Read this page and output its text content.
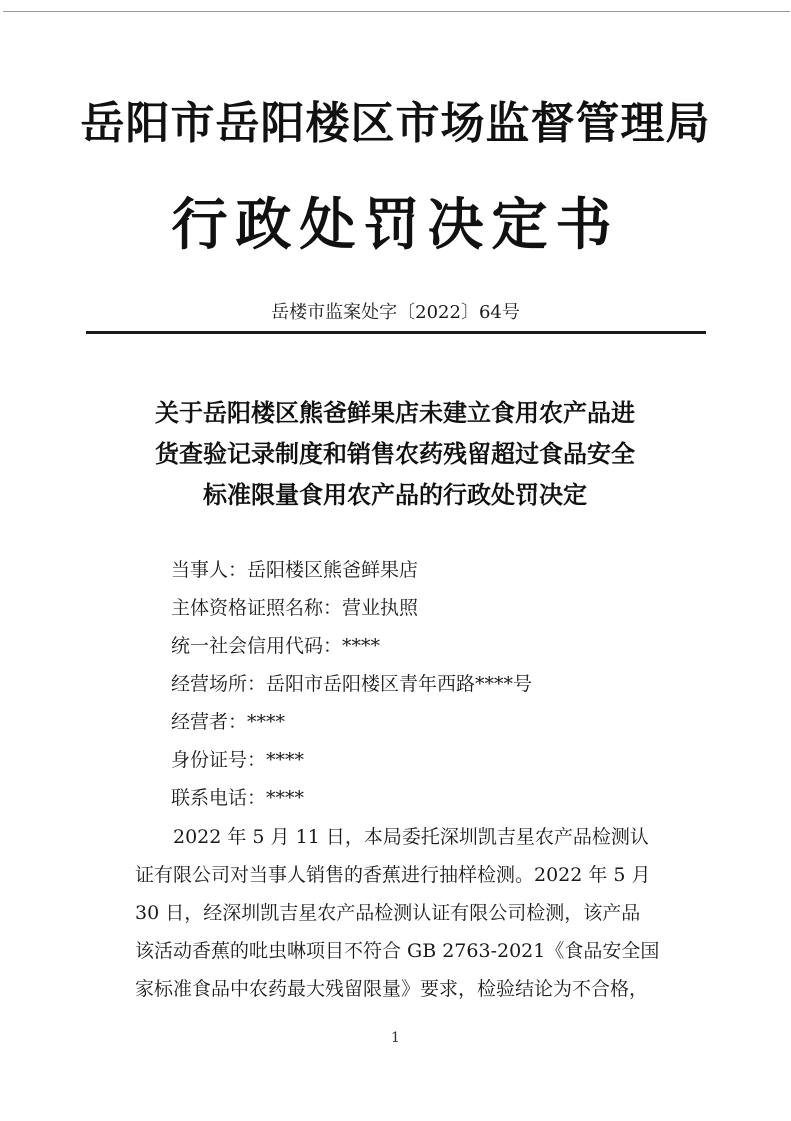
岳阳市岳阳楼区市场监督管理局
行政处罚决定书
岳楼市监案处字〔2022〕64号
关于岳阳楼区熊爸鲜果店未建立食用农产品进
货查验记录制度和销售农药残留超过食品安全
标准限量食用农产品的行政处罚决定
当事人：岳阳楼区熊爸鲜果店
主体资格证照名称：营业执照
统一社会信用代码：****
经营场所：岳阳市岳阳楼区青年西路****号
经营者：****
身份证号：****
联系电话：****
2022 年 5 月 11 日，本局委托深圳凯吉星农产品检测认
证有限公司对当事人销售的香蕉进行抽样检测。2022 年 5 月
30 日，经深圳凯吉星农产品检测认证有限公司检测，该产品
该活动香蕉的吡虫啉项目不符合 GB 2763-2021《食品安全国
家标准食品中农药最大残留限量》要求，检验结论为不合格，
1
